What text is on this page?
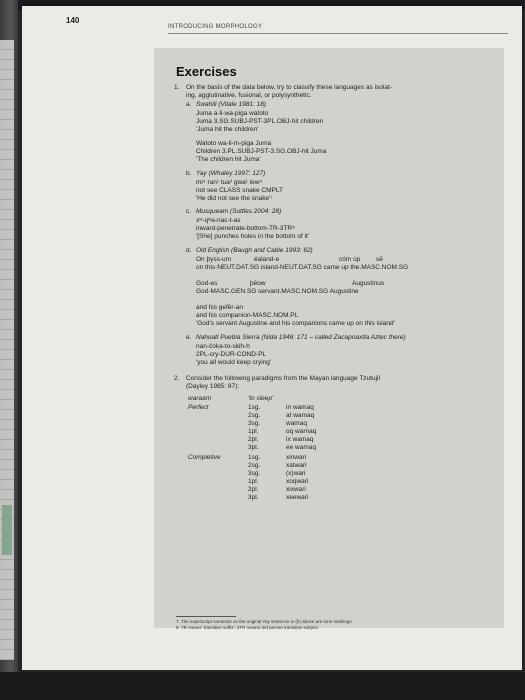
140
INTRODUCING MORPHOLOGY
Exercises
1. On the basis of the data below, try to classify these languages as isolat-
ing, agglutinative, fusional, or polysynthetic.
a. Swahili (Vitale 1981: 18)
Juma a-li-wa-piga watoto
Juma 3.SG.SUBJ-PST-3PL.OBJ-hit children
'Juma hit the children'
Watoto wa-li-m-piga Juma
Children 3.PL.SUBJ-PST-3.SG.OBJ-hit Juma
'The children hit Juma'
b. Yay (Whaley 1997: 127)
mi⁴ ran¹ tua³ gwa¹ lew⁴
not see CLASS snake CMPLT
'He did not see the snake'⁷
c. Musqueam (Suttles 2004: 28)
xʷ-qʷə-nac-t-as
inward-penetrate-bottom-TR-3TR⁸
'[She] punches holes in the bottom of it'
d. Old English (Baugh and Cable 1993: 62)
On þyss-um	éaland-e	cóm úp sē
on this-NEUT.DAT.SG island-NEUT.DAT.SG came up the.MASC.NOM.SG
God-es	þēow	Augustinus
God-MASC.GEN.SG servant.MASC.NOM.SG Augustine
and his gefēr-an
and his companion-MASC.NOM.PL
'God's servant Augustine and his companions came up on this island'
e. Nahuatl Puebla Sierra (Nida 1946: 171 – called Zacapoaxtla Aztec there)
nan-čoka-to-skih-h
2PL-cry-DUR-COND-PL
'you all would keep crying'
2. Consider the following paradigms from the Mayan language Tzutujil
(Dayley 1985: 87):
waraam	'to sleep'
Perfect	1sg.	in wamaq
2sg.	at wamaq
3sg.	wamaq
1pl.	oq warnaq
2pl.	ix wamaq
3pl.	ee wamaq
Completive	1sg.	xinwari
2sg.	xatwari
3sg.	(x)wari
1pl.	xoqwari
2pl.	xixwari
3pl.	xeewari
7. The superscript numerals on the original Yay sentence in (b) above are tone markings.
8. TR means 'transitive suffix'; 3TR means 3rd person transitive subject.
